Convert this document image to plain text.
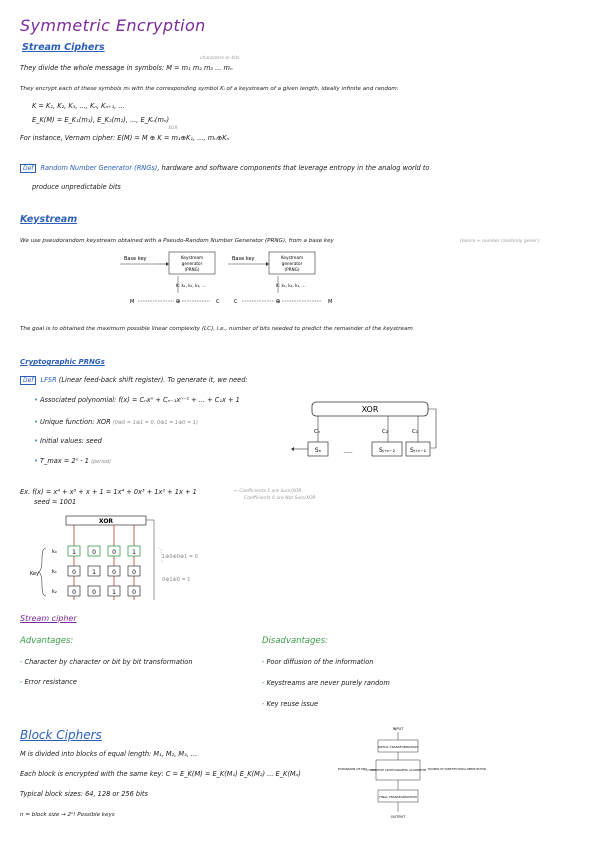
Symmetric Encryption
Stream Ciphers
characters or bits
They divide the whole message in symbols: M = m₁ m₂ m₃ ... mₙ
They encrypt each of these symbols mᵢ with the corresponding symbol Kᵢ of a keystream of a given length, ideally infinite and random:
K = K₁, K₂, K₃, ..., Kₙ, Kₙ₊₁, ...
E_K(M) = E_K₁(m₁), E_K₂(m₂), ..., E_Kₙ(mₙ)
XOR
For instance, Vernam cipher: E(M) = M ⊕ K = m₁⊕K₁, ..., mₙ⊕Kₙ
Def Random Number Generator (RNGs), hardware and software components that leverage entropy in the analog world to
produce unpredictable bits
Keystream
We use pseudorandom keystream obtained with a Pseudo-Random Number Generator (PRNG), from a base key	(nonce + number randomly gener.)
Base key	Keystream
generator
(PRNG)
K: k₁, k₂, k₃, ...
M	⊕	C
Base key	Keystream
generator
(PRNG)
K: k₁, k₂, k₃, ...
C	⊕	M
The goal is to obtained the maximum possible linear complexity (LC), i.e., number of bits needed to predict the remainder of the keystream
Cryptographic PRNGs
Def LFSR (Linear feed-back shift register). To generate it, we need:
• Associated polynomial: f(x) = Cₙxⁿ + Cₙ₋₁xⁿ⁻¹ + ... + C₁x + 1
• Unique function: XOR (0⊕0 = 1⊕1 = 0, 0⊕1 = 1⊕0 = 1)
• Initial values: seed
• T_max = 2ⁿ - 1 (period)
XOR
Cₙ	C₂	C₁
Sₙ	.....	Sⱼ₊ₙ₋₂	Sⱼ₊ₙ₋₁
Ex. f(x) = x⁴ + x³ + x + 1 = 1x⁴ + 0x³ + 1x² + 1x + 1
seed = 1001
← Coefficients 1 are Sum/XOR
Coefficients 0 are Not Sum/XOR
XOR
k₀	1	0	0	1
k₁	0	1	0	0
k₂	0	0	1	0
Key
1⊕0⊕0⊕1 = 0
0⊕1⊕0 = 1
Stream cipher
Advantages:
- Character by character or bit by bit transformation
- Error resistance
Disadvantages:
- Poor diffusion of the information
- Keystreams are never purely random
- Key reuse issue
Block Ciphers
M is divided into blocks of equal length: M₁, M₂, M₃, ...
Each block is encrypted with the same key: C = E_K(M) = E_K(M₁) E_K(M₂) ... E_K(Mₙ)
Typical block sizes: 64, 128 or 256 bits
n = block size → 2ⁿ! Possible keys
INPUT
INITIAL TRANSFORMATION
ITERATIVE CRYPTOGRAPHIC ALGORITHM
FINAL TRANSFORMATION
OUTPUT
EXPANSION OF KEY	ROUNDS OF SUBSTITUTION & PERMUTATION
